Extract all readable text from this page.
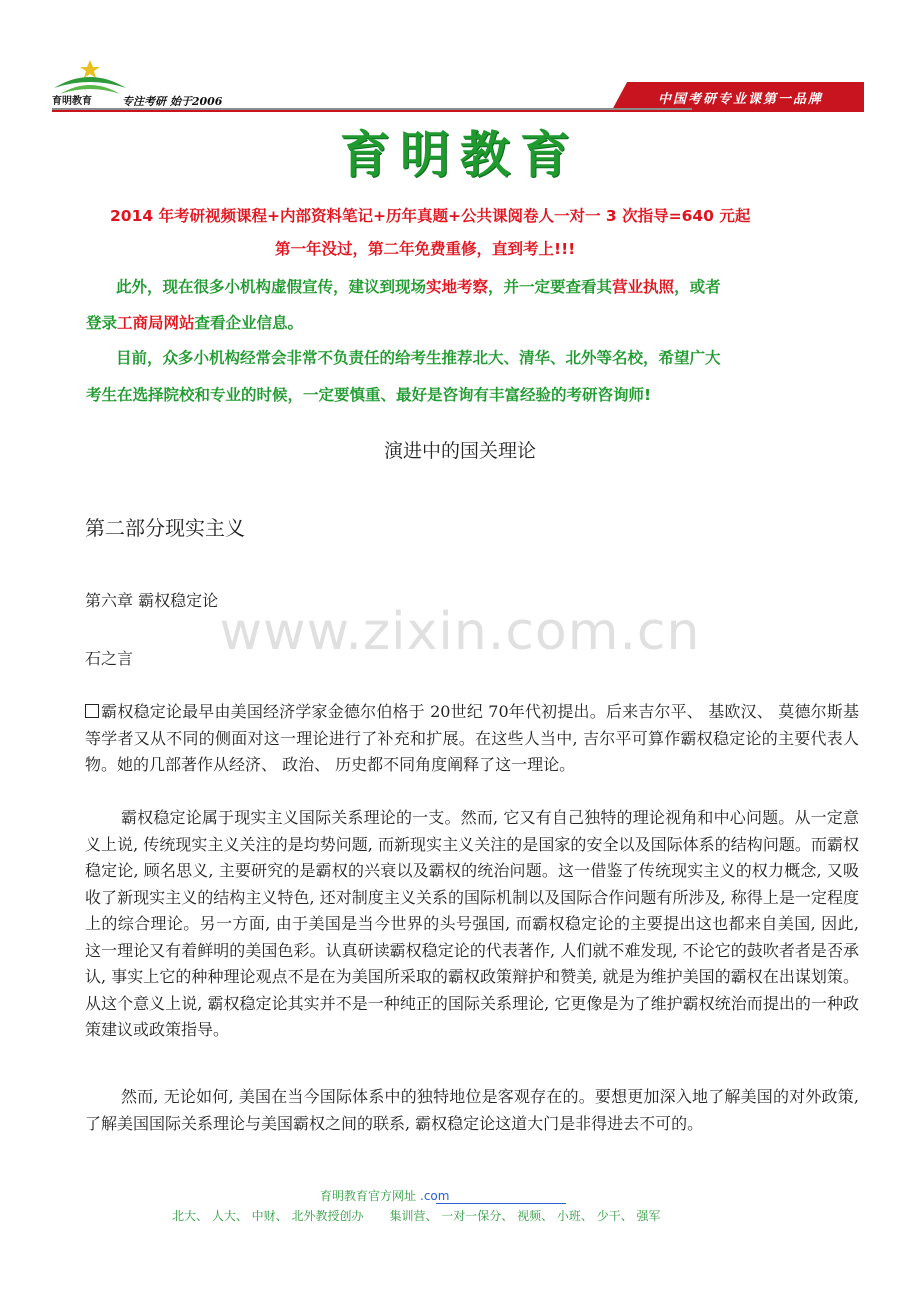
育明教育	专注考研 始于2006	中国考研专业课第一品牌
育明教育
2014 年考研视频课程+内部资料笔记+历年真题+公共课阅卷人一对一 3 次指导=640 元起
第一年没过，第二年免费重修，直到考上!!!
此外，现在很多小机构虚假宣传，建议到现场实地考察，并一定要查看其营业执照，或者
登录工商局网站查看企业信息。
目前，众多小机构经常会非常不负责任的给考生推荐北大、清华、北外等名校，希望广大
考生在选择院校和专业的时候，一定要慎重、最好是咨询有丰富经验的考研咨询师!
演进中的国关理论
第二部分现实主义
www.zixin.com.cn
第六章 霸权稳定论
石之言
霸权稳定论最早由美国经济学家金德尔伯格于 20世纪 70年代初提出。后来吉尔平、 基欧汉、 莫德尔斯基等学者又从不同的侧面对这一理论进行了补充和扩展。在这些人当中, 吉尔平可算作霸权稳定论的主要代表人物。她的几部著作从经济、 政治、 历史都不同角度阐释了这一理论。
霸权稳定论属于现实主义国际关系理论的一支。然而, 它又有自己独特的理论视角和中心问题。从一定意义上说, 传统现实主义关注的是均势问题, 而新现实主义关注的是国家的安全以及国际体系的结构问题。而霸权稳定论, 顾名思义, 主要研究的是霸权的兴衰以及霸权的统治问题。这一借鉴了传统现实主义的权力概念, 又吸收了新现实主义的结构主义特色, 还对制度主义关系的国际机制以及国际合作问题有所涉及, 称得上是一定程度上的综合理论。另一方面, 由于美国是当今世界的头号强国, 而霸权稳定论的主要提出这也都来自美国, 因此, 这一理论又有着鲜明的美国色彩。认真研读霸权稳定论的代表著作, 人们就不难发现, 不论它的鼓吹者者是否承认, 事实上它的种种理论观点不是在为美国所采取的霸权政策辩护和赞美, 就是为维护美国的霸权在出谋划策。从这个意义上说, 霸权稳定论其实并不是一种纯正的国际关系理论, 它更像是为了维护霸权统治而提出的一种政策建议或政策指导。
然而, 无论如何, 美国在当今国际体系中的独特地位是客观存在的。要想更加深入地了解美国的对外政策, 了解美国国际关系理论与美国霸权之间的联系, 霸权稳定论这道大门是非得进去不可的。
育明教育官方网址 .com
北大、 人大、 中财、 北外教授创办 集训营、 一对一保分、 视频、 小班、 少干、 强军
